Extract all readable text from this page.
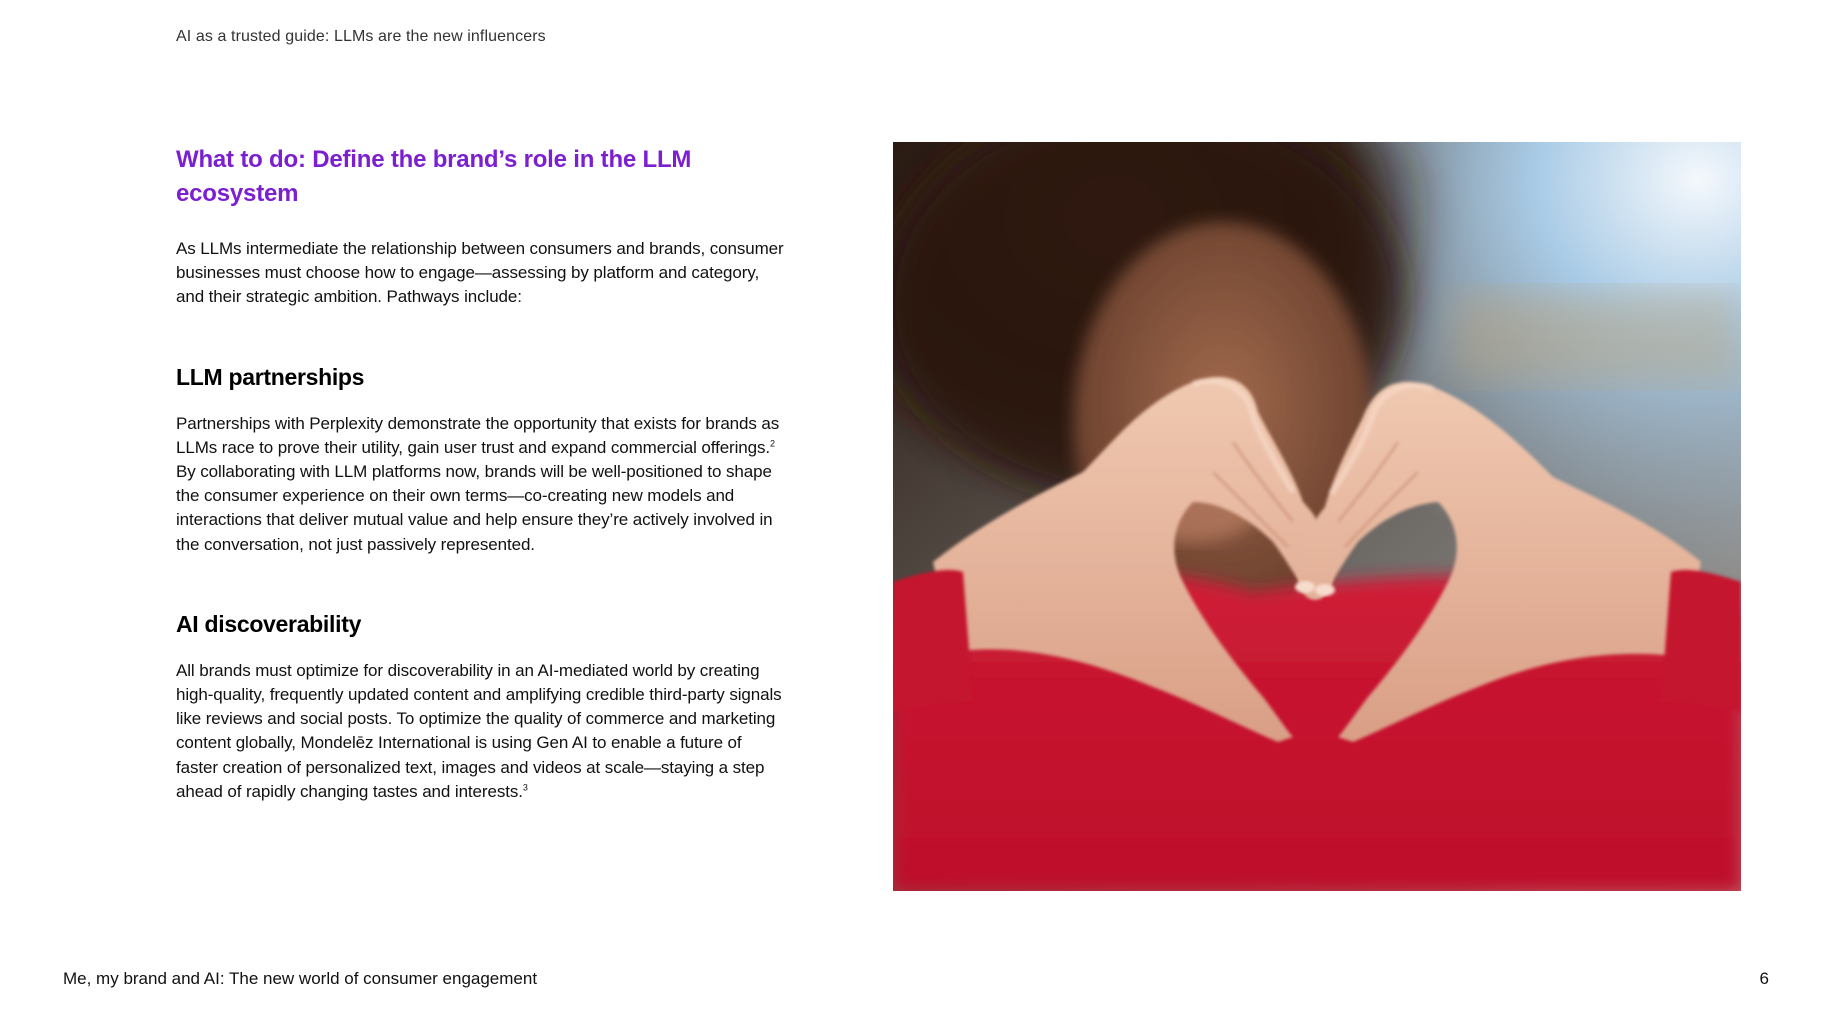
AI as a trusted guide: LLMs are the new influencers
What to do: Define the brand’s role in the LLM ecosystem

As LLMs intermediate the relationship between consumers and brands, consumer businesses must choose how to engage—assessing by platform and category, and their strategic ambition. Pathways include:

LLM partnerships

Partnerships with Perplexity demonstrate the opportunity that exists for brands as LLMs race to prove their utility, gain user trust and expand commercial offerings.$^2$ By collaborating with LLM platforms now, brands will be well-positioned to shape the consumer experience on their own terms—co-creating new models and interactions that deliver mutual value and help ensure they’re actively involved in the conversation, not just passively represented.

AI discoverability

All brands must optimize for discoverability in an AI-mediated world by creating high-quality, frequently updated content and amplifying credible third-party signals like reviews and social posts. To optimize the quality of commerce and marketing content globally, Mondelēz International is using Gen AI to enable a future of faster creation of personalized text, images and videos at scale—staying a step ahead of rapidly changing tastes and interests.$^3$

Me, my brand and AI: The new world of consumer engagement	6
